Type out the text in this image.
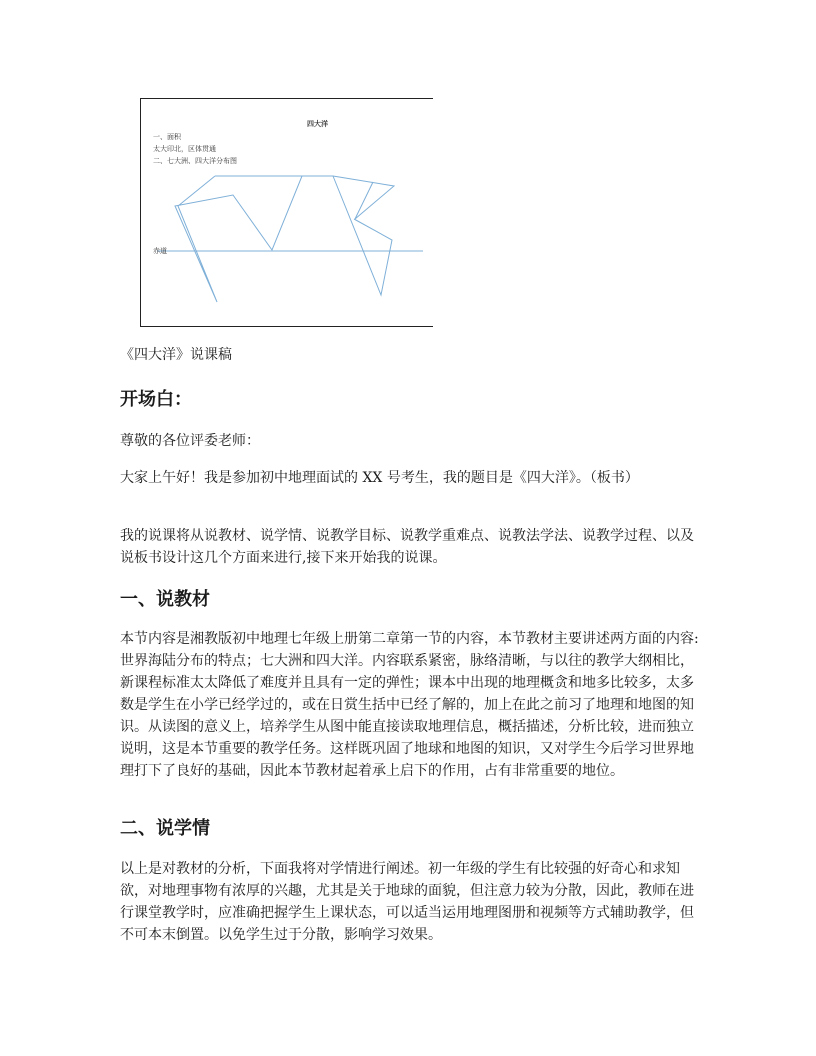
四大洋
一、面积
太大印北，区体贯通
二、七大洲、四大洋分布图
赤道
《四大洋》说课稿
开场白：

尊敬的各位评委老师：

大家上午好！我是参加初中地理面试的 XX 号考生，我的题目是《四大洋》。（板书）

我的说课将从说教材、说学情、说教学目标、说教学重难点、说教法学法、说教学过程、以及说板书设计这几个方面来进行,接下来开始我的说课。

一、说教材

本节内容是湘教版初中地理七年级上册第二章第一节的内容，本节教材主要讲述两方面的内容:世界海陆分布的特点；七大洲和四大洋。内容联系紧密，脉络清晰，与以往的教学大纲相比，新课程标准太太降低了难度并且具有一定的弹性；课本中出现的地理概贪和地多比较多，太多数是学生在小学已经学过的，或在日赏生括中已经了解的，加上在此之前习了地理和地图的知识。从读图的意义上，培养学生从图中能直接读取地理信息，概括描述，分析比较，进而独立说明，这是本节重要的教学任务。这样既巩固了地球和地图的知识，又对学生今后学习世界地理打下了良好的基础，因此本节教材起着承上启下的作用，占有非常重要的地位。

二、说学情

以上是对教材的分析，下面我将对学情进行阐述。初一年级的学生有比较强的好奇心和求知欲，对地理事物有浓厚的兴趣，尤其是关于地球的面貌，但注意力较为分散，因此，教师在进行课堂教学时，应准确把握学生上课状态，可以适当运用地理图册和视频等方式辅助教学，但不可本末倒置。以免学生过于分散，影响学习效果。
